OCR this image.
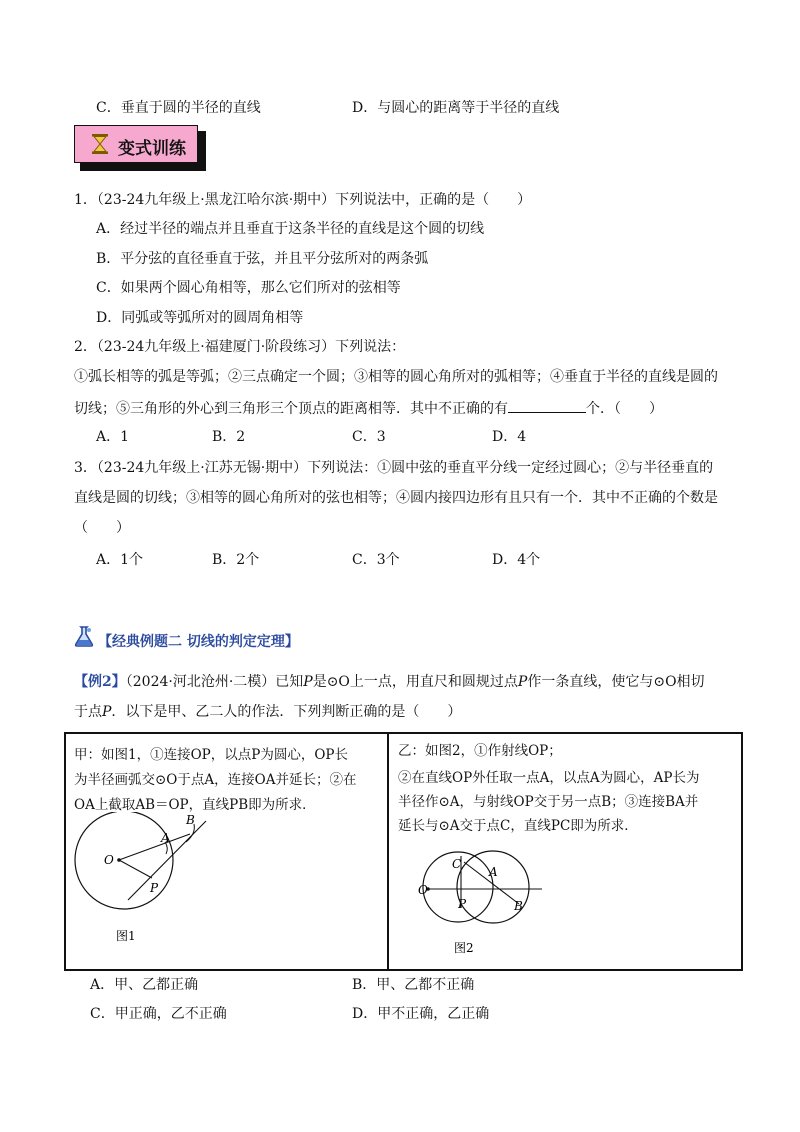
C．垂直于圆的半径的直线	D．与圆心的距离等于半径的直线
变式训练
1．（23-24九年级上·黑龙江哈尔滨·期中）下列说法中，正确的是（　　）
A．经过半径的端点并且垂直于这条半径的直线是这个圆的切线
B．平分弦的直径垂直于弦，并且平分弦所对的两条弧
C．如果两个圆心角相等，那么它们所对的弦相等
D．同弧或等弧所对的圆周角相等
2．（23-24九年级上·福建厦门·阶段练习）下列说法：
①弧长相等的弧是等弧；②三点确定一个圆；③相等的圆心角所对的弧相等；④垂直于半径的直线是圆的
切线；⑤三角形的外心到三角形三个顶点的距离相等．其中不正确的有	个．（　　）
A．1	B．2	C．3	D．4
3．（23-24九年级上·江苏无锡·期中）下列说法：①圆中弦的垂直平分线一定经过圆心；②与半径垂直的
直线是圆的切线；③相等的圆心角所对的弦也相等；④圆内接四边形有且只有一个．其中不正确的个数是
（　　）
A．1个	B．2个	C．3个	D．4个
【经典例题二 切线的判定定理】
【例2】（2024·河北沧州·二模）已知P是⊙O上一点，用直尺和圆规过点P作一条直线，使它与⊙O相切
于点P．以下是甲、乙二人的作法．下列判断正确的是（　　）
甲：如图1，①连接OP，以点P为圆心，OP长
为半径画弧交⊙O于点A，连接OA并延长；②在
OA上截取AB＝OP，直线PB即为所求．
O
A
B
P
图1
乙：如图2，①作射线OP；
②在直线OP外任取一点A，以点A为圆心，AP长为
半径作⊙A，与射线OP交于另一点B；③连接BA并
延长与⊙A交于点C，直线PC即为所求．
O
C
A
P	B
图2
A．甲、乙都正确	B．甲、乙都不正确
C．甲正确，乙不正确	D．甲不正确，乙正确
